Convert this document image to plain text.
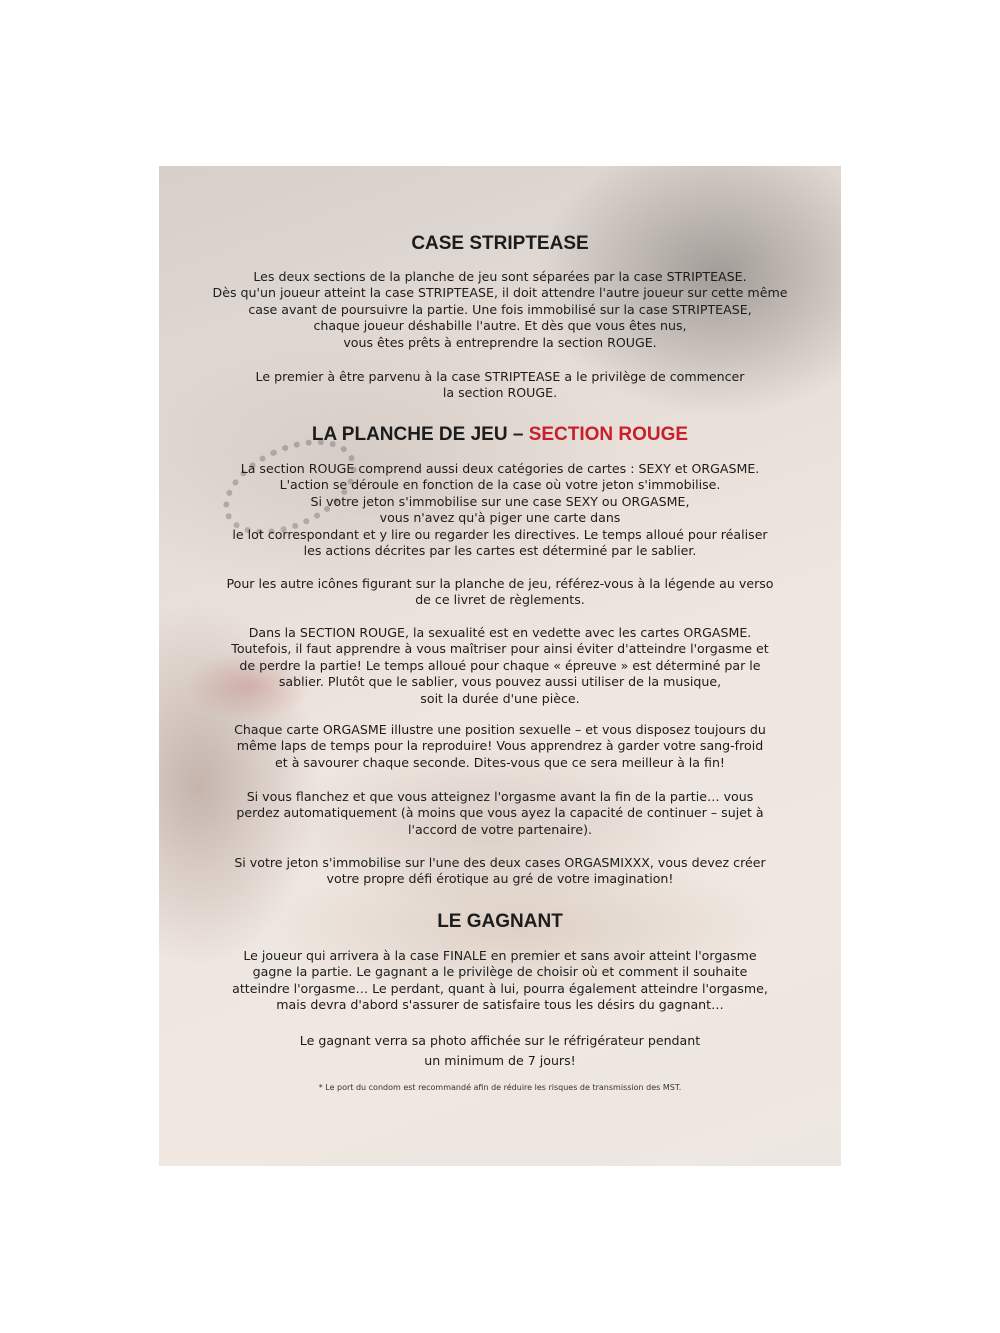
CASE STRIPTEASE
Les deux sections de la planche de jeu sont séparées par la case STRIPTEASE.
Dès qu'un joueur atteint la case STRIPTEASE, il doit attendre l'autre joueur sur cette même
case avant de poursuivre la partie. Une fois immobilisé sur la case STRIPTEASE,
chaque joueur déshabille l'autre. Et dès que vous êtes nus,
vous êtes prêts à entreprendre la section ROUGE.
Le premier à être parvenu à la case STRIPTEASE a le privilège de commencer
la section ROUGE.
LA PLANCHE DE JEU – SECTION ROUGE
La section ROUGE comprend aussi deux catégories de cartes : SEXY et ORGASME.
L'action se déroule en fonction de la case où votre jeton s'immobilise.
Si votre jeton s'immobilise sur une case SEXY ou ORGASME,
vous n'avez qu'à piger une carte dans
le lot correspondant et y lire ou regarder les directives. Le temps alloué pour réaliser
les actions décrites par les cartes est déterminé par le sablier.
Pour les autre icônes figurant sur la planche de jeu, référez-vous à la légende au verso
de ce livret de règlements.
Dans la SECTION ROUGE, la sexualité est en vedette avec les cartes ORGASME.
Toutefois, il faut apprendre à vous maîtriser pour ainsi éviter d'atteindre l'orgasme et
de perdre la partie! Le temps alloué pour chaque « épreuve » est déterminé par le
sablier. Plutôt que le sablier, vous pouvez aussi utiliser de la musique,
soit la durée d'une pièce.
Chaque carte ORGASME illustre une position sexuelle – et vous disposez toujours du
même laps de temps pour la reproduire! Vous apprendrez à garder votre sang-froid
et à savourer chaque seconde. Dites-vous que ce sera meilleur à la fin!
Si vous flanchez et que vous atteignez l'orgasme avant la fin de la partie… vous
perdez automatiquement (à moins que vous ayez la capacité de continuer – sujet à
l'accord de votre partenaire).
Si votre jeton s'immobilise sur l'une des deux cases ORGASMIXXX, vous devez créer
votre propre défi érotique au gré de votre imagination!
LE GAGNANT
Le joueur qui arrivera à la case FINALE en premier et sans avoir atteint l'orgasme
gagne la partie. Le gagnant a le privilège de choisir où et comment il souhaite
atteindre l'orgasme… Le perdant, quant à lui, pourra également atteindre l'orgasme,
mais devra d'abord s'assurer de satisfaire tous les désirs du gagnant…
Le gagnant verra sa photo affichée sur le réfrigérateur pendant
un minimum de 7 jours!
* Le port du condom est recommandé afin de réduire les risques de transmission des MST.
